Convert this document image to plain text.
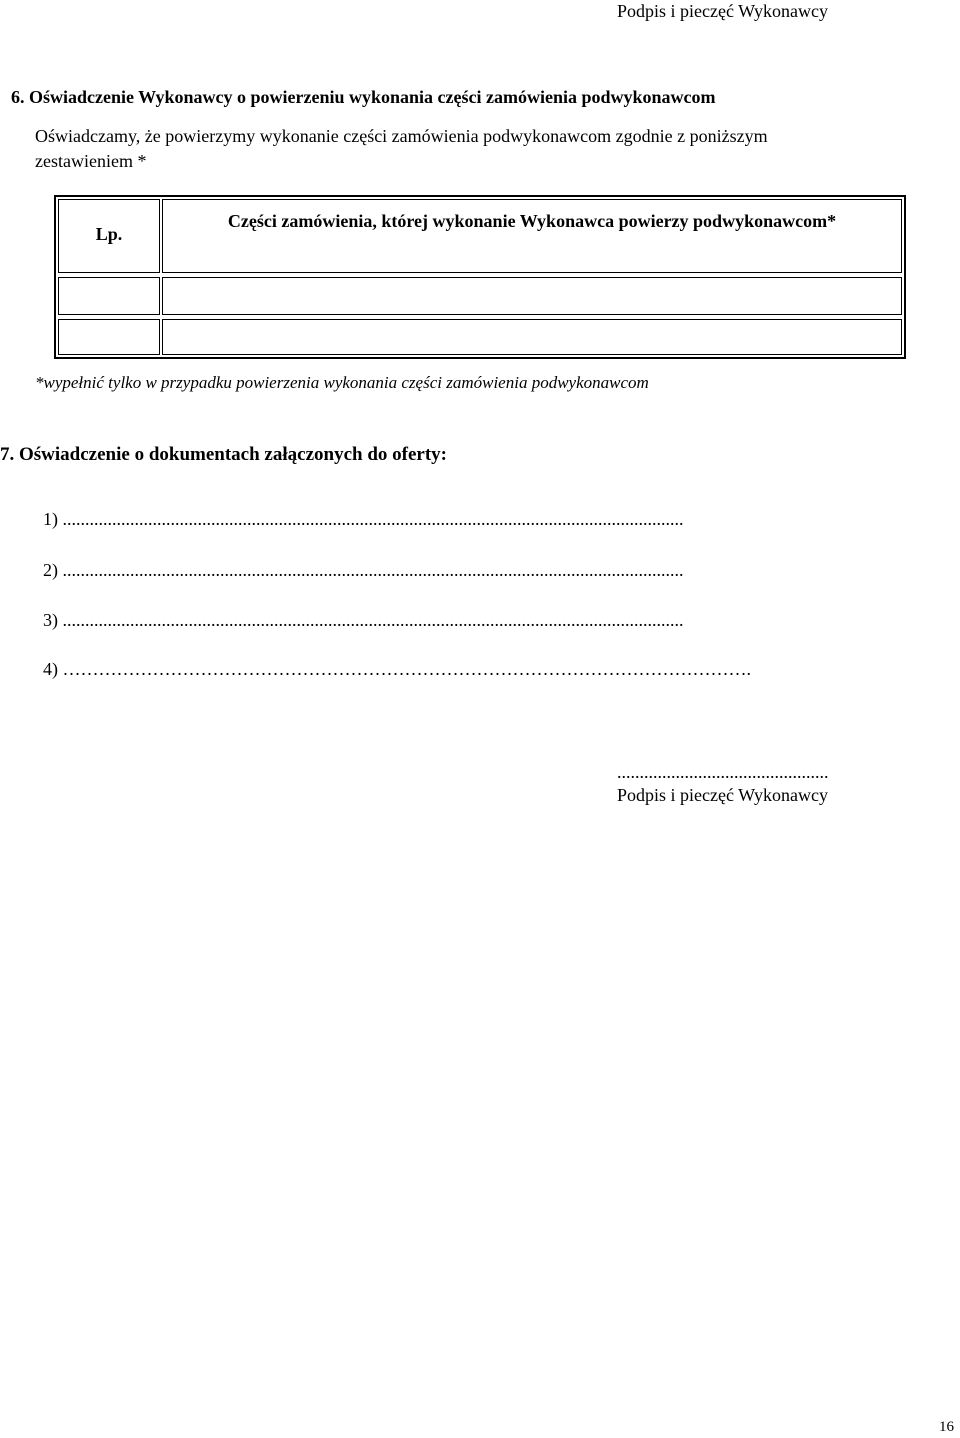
Podpis i pieczęć Wykonawcy
6. Oświadczenie Wykonawcy o powierzeniu wykonania części zamówienia podwykonawcom
Oświadczamy, że powierzymy wykonanie części zamówienia podwykonawcom zgodnie z poniższym
zestawieniem *
Lp.
Części zamówienia, której wykonanie Wykonawca powierzy podwykonawcom*
*wypełnić tylko w przypadku powierzenia wykonania części zamówienia podwykonawcom
7. Oświadczenie o dokumentach załączonych do oferty:
1) ..........................................................................................................................................
2) ..........................................................................................................................................
3) ..........................................................................................................................................
4) …………………………………………………………………………………………………….
...............................................
Podpis i pieczęć Wykonawcy
16
